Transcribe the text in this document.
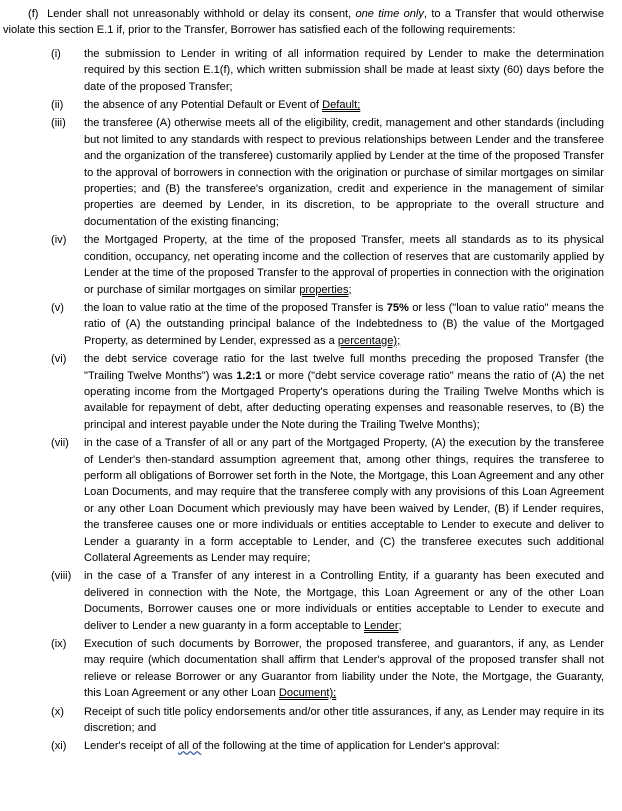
(f)  Lender shall not unreasonably withhold or delay its consent, one time only, to a Transfer that would otherwise violate this section E.1 if, prior to the Transfer, Borrower has satisfied each of the following requirements:

(i)	the submission to Lender in writing of all information required by Lender to make the determination required by this section E.1(f), which written submission shall be made at least sixty (60) days before the date of the proposed Transfer;
(ii)	the absence of any Potential Default or Event of Default;
(iii)	the transferee (A) otherwise meets all of the eligibility, credit, management and other standards (including but not limited to any standards with respect to previous relationships between Lender and the transferee and the organization of the transferee) customarily applied by Lender at the time of the proposed Transfer to the approval of borrowers in connection with the origination or purchase of similar mortgages on similar properties; and (B) the transferee's organization, credit and experience in the management of similar properties are deemed by Lender, in its discretion, to be appropriate to the overall structure and documentation of the existing financing;
(iv)	the Mortgaged Property, at the time of the proposed Transfer, meets all standards as to its physical condition, occupancy, net operating income and the collection of reserves that are customarily applied by Lender at the time of the proposed Transfer to the approval of properties in connection with the origination or purchase of similar mortgages on similar properties;
(v)	the loan to value ratio at the time of the proposed Transfer is 75% or less ("loan to value ratio" means the ratio of (A) the outstanding principal balance of the Indebtedness to (B) the value of the Mortgaged Property, as determined by Lender, expressed as a percentage);
(vi)	the debt service coverage ratio for the last twelve full months preceding the proposed Transfer (the "Trailing Twelve Months") was 1.2:1 or more ("debt service coverage ratio" means the ratio of (A) the net operating income from the Mortgaged Property's operations during the Trailing Twelve Months which is available for repayment of debt, after deducting operating expenses and reasonable reserves, to (B) the principal and interest payable under the Note during the Trailing Twelve Months);
(vii)	in the case of a Transfer of all or any part of the Mortgaged Property, (A) the execution by the transferee of Lender's then-standard assumption agreement that, among other things, requires the transferee to perform all obligations of Borrower set forth in the Note, the Mortgage, this Loan Agreement and any other Loan Documents, and may require that the transferee comply with any provisions of this Loan Agreement or any other Loan Document which previously may have been waived by Lender, (B) if Lender requires, the transferee causes one or more individuals or entities acceptable to Lender to execute and deliver to Lender a guaranty in a form acceptable to Lender, and (C) the transferee executes such additional Collateral Agreements as Lender may require;
(viii)	in the case of a Transfer of any interest in a Controlling Entity, if a guaranty has been executed and delivered in connection with the Note, the Mortgage, this Loan Agreement or any of the other Loan Documents, Borrower causes one or more individuals or entities acceptable to Lender to execute and deliver to Lender a new guaranty in a form acceptable to Lender;
(ix)	Execution of such documents by Borrower, the proposed transferee, and guarantors, if any, as Lender may require (which documentation shall affirm that Lender's approval of the proposed transfer shall not relieve or release Borrower or any Guarantor from liability under the Note, the Mortgage, the Guaranty, this Loan Agreement or any other Loan Document);
(x)	Receipt of such title policy endorsements and/or other title assurances, if any, as Lender may require in its discretion; and
(xi)	Lender's receipt of all of the following at the time of application for Lender's approval:
